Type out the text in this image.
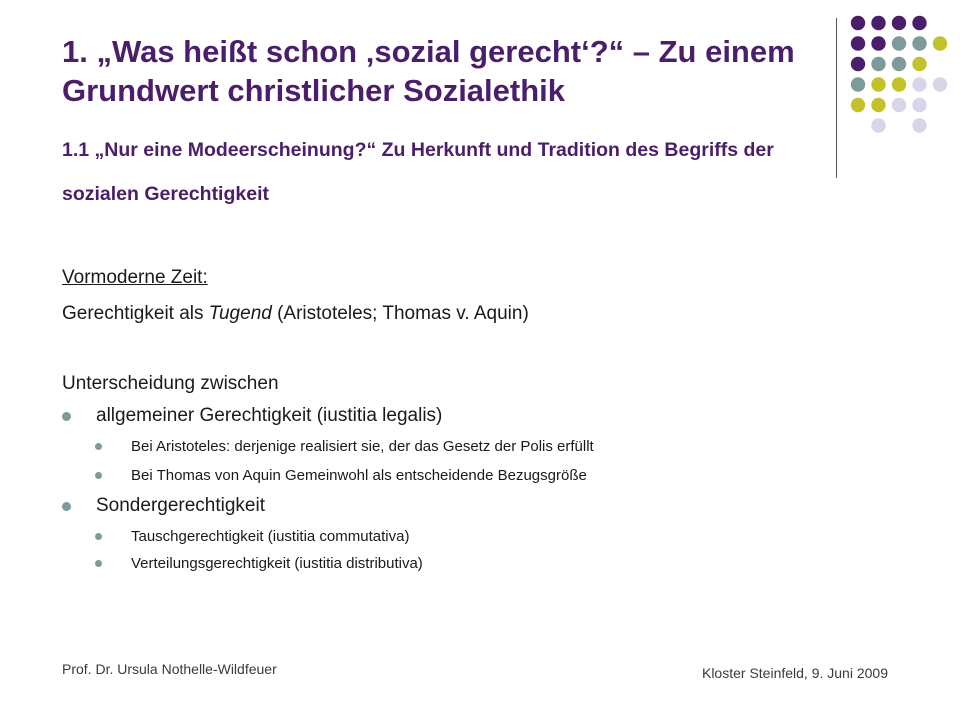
1. „Was heißt schon ‚sozial gerecht‘?“ – Zu einem Grundwert christlicher Sozialethik
1.1 „Nur eine Modeerscheinung?“ Zu Herkunft und Tradition des Begriffs der sozialen Gerechtigkeit
Vormoderne Zeit:
Gerechtigkeit als Tugend (Aristoteles; Thomas v. Aquin)
Unterscheidung zwischen
allgemeiner Gerechtigkeit (iustitia legalis)
Bei Aristoteles: derjenige realisiert sie, der das Gesetz der Polis erfüllt
Bei Thomas von Aquin Gemeinwohl als entscheidende Bezugsgröße
Sondergerechtigkeit
Tauschgerechtigkeit (iustitia commutativa)
Verteilungsgerechtigkeit (iustitia distributiva)
Prof. Dr. Ursula Nothelle-Wildfeuer	Kloster Steinfeld, 9. Juni 2009
